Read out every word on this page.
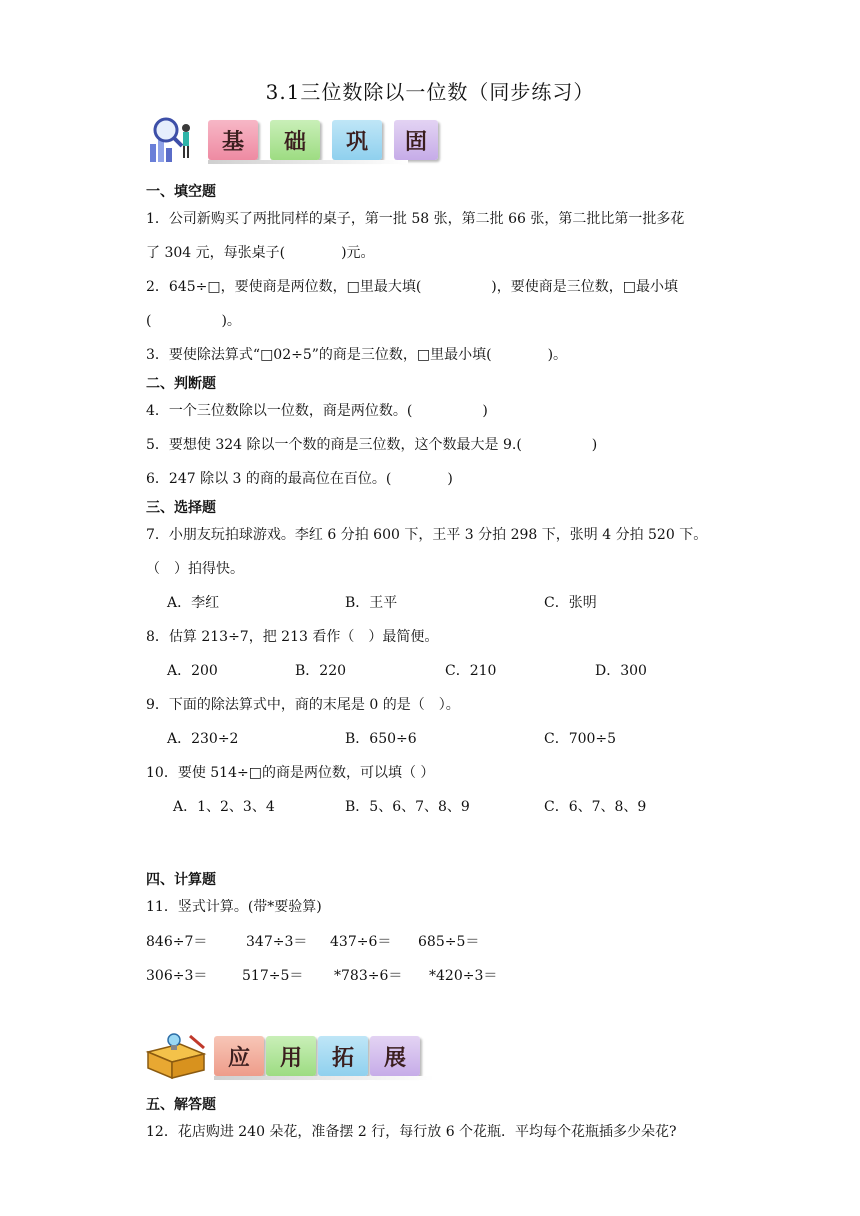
3.1三位数除以一位数（同步练习）
基	础	巩	固
一、填空题
1．公司新购买了两批同样的桌子，第一批 58 张，第二批 66 张，第二批比第一批多花
了 304 元，每张桌子(　　　　)元。
2．645÷□，要使商是两位数，□里最大填(　　　　　)，要使商是三位数，□最小填
(　　　　　)。
3．要使除法算式“□02÷5”的商是三位数，□里最小填(　　　　)。
二、判断题
4．一个三位数除以一位数，商是两位数。(　　　　　)
5．要想使 324 除以一个数的商是三位数，这个数最大是 9.(　　　　　)
6．247 除以 3 的商的最高位在百位。(　　　　)
三、选择题
7．小朋友玩拍球游戏。李红 6 分拍 600 下，王平 3 分拍 298 下，张明 4 分拍 520 下。
（　）拍得快。
A．李红	B．王平	C．张明
8．估算 213÷7，把 213 看作（　）最简便。
A．200	B．220	C．210	D．300
9．下面的除法算式中，商的末尾是 0 的是（　）。
A．230÷2	B．650÷6	C．700÷5
10．要使 514÷□的商是两位数，可以填（ ）
A．1、2、3、4	B．5、6、7、8、9	C．6、7、8、9
四、计算题
11．竖式计算。(带*要验算)
846÷7＝	347÷3＝ 437÷6＝ 685÷5＝
306÷3＝ 517÷5＝ *783÷6＝ *420÷3＝
应	用	拓	展
五、解答题
12．花店购进 240 朵花，准备摆 2 行，每行放 6 个花瓶．平均每个花瓶插多少朵花?
